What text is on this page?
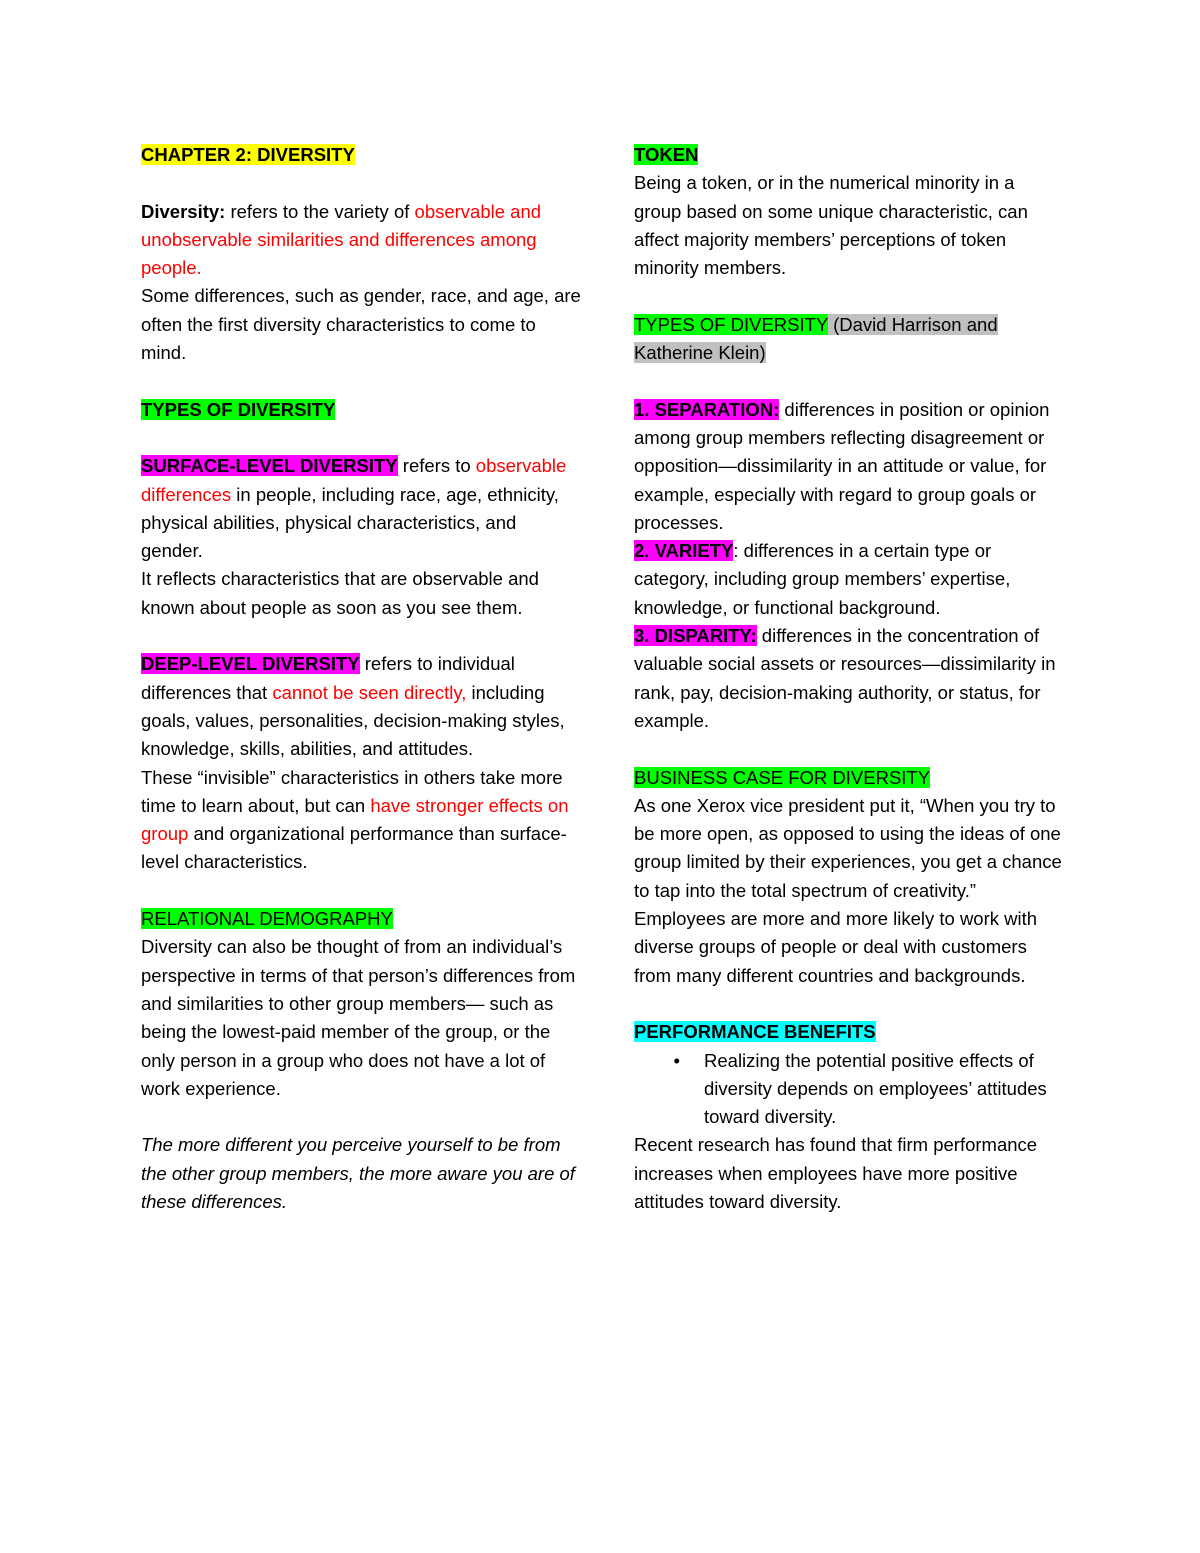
CHAPTER 2: DIVERSITY

Diversity: refers to the variety of observable and unobservable similarities and differences among people.

Some differences, such as gender, race, and age, are often the first diversity characteristics to come to mind.

TYPES OF DIVERSITY

SURFACE-LEVEL DIVERSITY refers to observable differences in people, including race, age, ethnicity, physical abilities, physical characteristics, and gender.

It reflects characteristics that are observable and known about people as soon as you see them.

DEEP-LEVEL DIVERSITY refers to individual differences that cannot be seen directly, including goals, values, personalities, decision-making styles, knowledge, skills, abilities, and attitudes.

These “invisible” characteristics in others take more time to learn about, but can have stronger effects on group and organizational performance than surface-level characteristics.

RELATIONAL DEMOGRAPHY

Diversity can also be thought of from an individual’s perspective in terms of that person’s differences from and similarities to other group members— such as being the lowest-paid member of the group, or the only person in a group who does not have a lot of work experience.

The more different you perceive yourself to be from the other group members, the more aware you are of these differences.

TOKEN

Being a token, or in the numerical minority in a group based on some unique characteristic, can affect majority members’ perceptions of token minority members.

TYPES OF DIVERSITY (David Harrison and Katherine Klein)

1. SEPARATION: differences in position or opinion among group members reflecting disagreement or opposition—dissimilarity in an attitude or value, for example, especially with regard to group goals or processes.

2. VARIETY: differences in a certain type or category, including group members’ expertise, knowledge, or functional background.

3. DISPARITY: differences in the concentration of valuable social assets or resources—dissimilarity in rank, pay, decision-making authority, or status, for example.

BUSINESS CASE FOR DIVERSITY

As one Xerox vice president put it, “When you try to be more open, as opposed to using the ideas of one group limited by their experiences, you get a chance to tap into the total spectrum of creativity.”

Employees are more and more likely to work with diverse groups of people or deal with customers from many different countries and backgrounds.

PERFORMANCE BENEFITS

•	Realizing the potential positive effects of diversity depends on employees’ attitudes toward diversity.

Recent research has found that firm performance increases when employees have more positive attitudes toward diversity.
